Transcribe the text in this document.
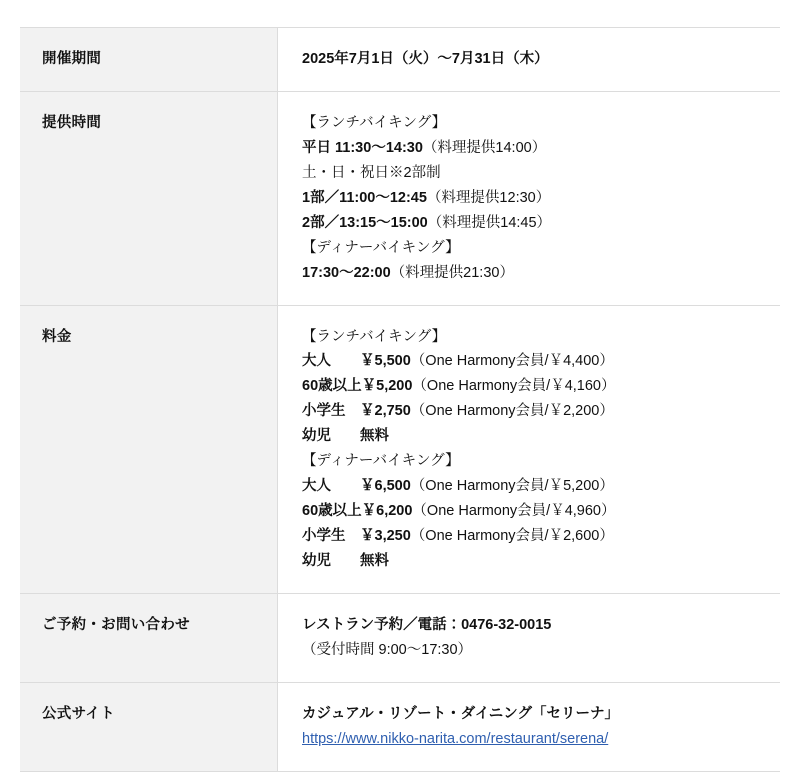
開催期間	2025年7月1日（火）～7月31日（木）

提供時間	【ランチバイキング】
平日 11:30～14:30（料理提供14:00）
土・日・祝日※2部制
1部／11:00～12:45（料理提供12:30）
2部／13:15～15:00（料理提供14:45）
【ディナーバイキング】
17:30～22:00（料理提供21:30）

料金	【ランチバイキング】
大人　　￥5,500（One Harmony会員/￥4,400）
60歳以上￥5,200（One Harmony会員/￥4,160）
小学生　￥2,750（One Harmony会員/￥2,200）
幼児　　無料
【ディナーバイキング】
大人　　￥6,500（One Harmony会員/￥5,200）
60歳以上￥6,200（One Harmony会員/￥4,960）
小学生　￥3,250（One Harmony会員/￥2,600）
幼児　　無料

ご予約・お問い合わせ	レストラン予約／電話：0476-32-0015
（受付時間 9:00～17:30）

公式サイト	カジュアル・リゾート・ダイニング「セリーナ」
https://www.nikko-narita.com/restaurant/serena/
